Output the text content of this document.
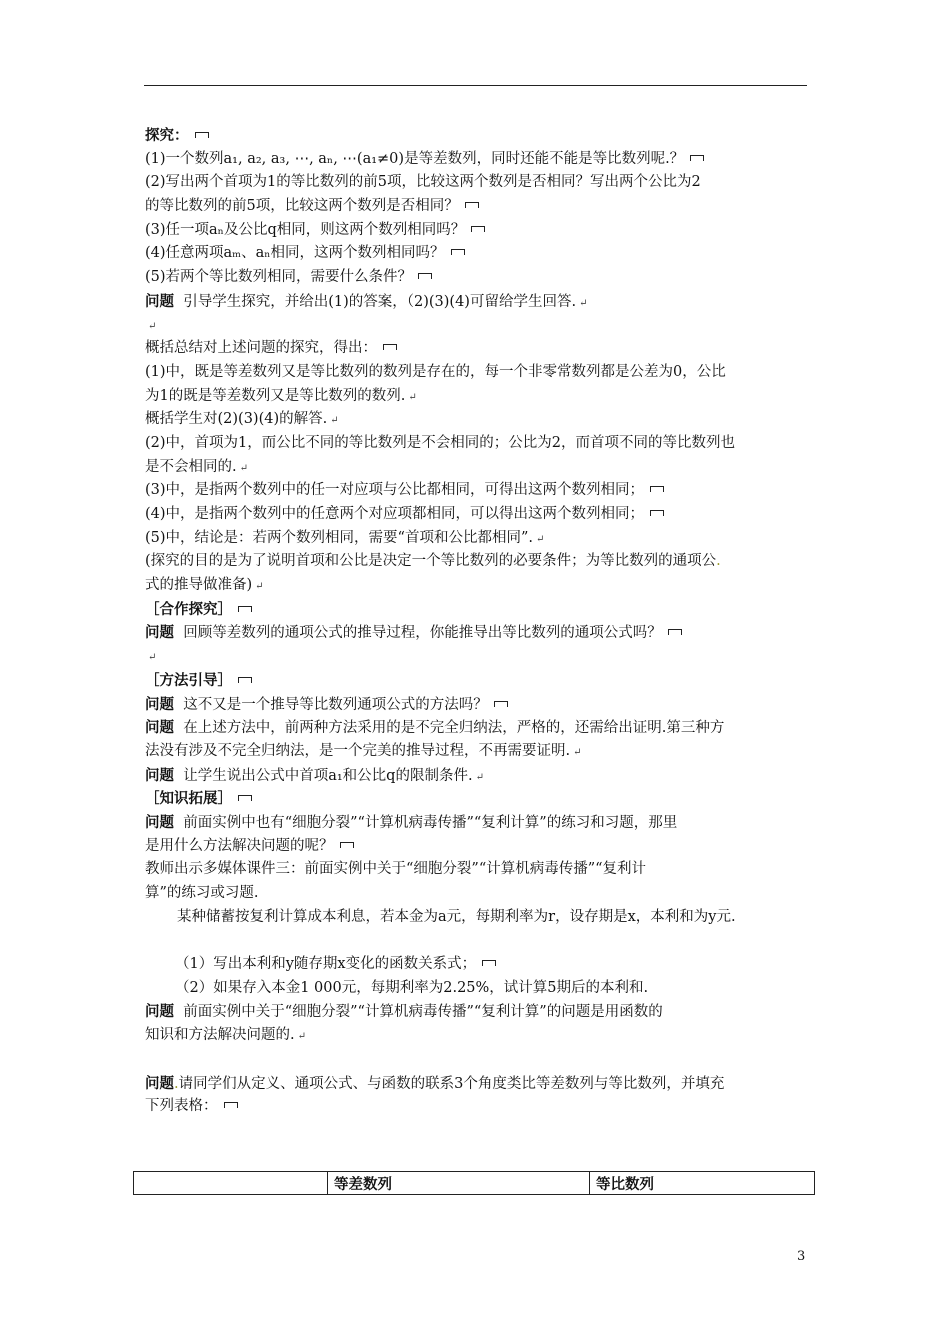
探究：
(1)一个数列a₁, a₂, a₃, ⋯, aₙ, ⋯(a₁≠0)是等差数列，同时还能不能是等比数列呢.？
(2)写出两个首项为1的等比数列的前5项，比较这两个数列是否相同？写出两个公比为2
的等比数列的前5项，比较这两个数列是否相同？
(3)任一项aₙ及公比q相同，则这两个数列相同吗？
(4)任意两项aₘ、aₙ相同，这两个数列相同吗？
(5)若两个等比数列相同，需要什么条件？
问题 引导学生探究，并给出(1)的答案，（2)(3)(4)可留给学生回答. ↵
↵
概括总结对上述问题的探究，得出：
(1)中，既是等差数列又是等比数列的数列是存在的，每一个非零常数列都是公差为0，公比
为1的既是等差数列又是等比数列的数列. ↵
概括学生对(2)(3)(4)的解答. ↵
(2)中，首项为1，而公比不同的等比数列是不会相同的；公比为2，而首项不同的等比数列也
是不会相同的. ↵
(3)中，是指两个数列中的任一对应项与公比都相同，可得出这两个数列相同；
(4)中，是指两个数列中的任意两个对应项都相同，可以得出这两个数列相同；
(5)中，结论是：若两个数列相同，需要“首项和公比都相同”. ↵
(探究的目的是为了说明首项和公比是决定一个等比数列的必要条件；为等比数列的通项公.
式的推导做准备) ↵
［合作探究］
问题 回顾等差数列的通项公式的推导过程，你能推导出等比数列的通项公式吗？
↵
［方法引导］
问题 这不又是一个推导等比数列通项公式的方法吗？
问题 在上述方法中，前两种方法采用的是不完全归纳法，严格的，还需给出证明.第三种方
法没有涉及不完全归纳法，是一个完美的推导过程，不再需要证明. ↵
问题 让学生说出公式中首项a₁和公比q的限制条件. ↵
［知识拓展］
问题 前面实例中也有“细胞分裂”“计算机病毒传播”“复利计算”的练习和习题，那里
是用什么方法解决问题的呢？
教师出示多媒体课件三：前面实例中关于“细胞分裂”“计算机病毒传播”“复利计
算”的练习或习题.
某种储蓄按复利计算成本利息，若本金为a元，每期利率为r，设存期是x，本利和为y元.
（1）写出本利和y随存期x变化的函数关系式；
（2）如果存入本金1 000元，每期利率为2.25%，试计算5期后的本利和.
问题 前面实例中关于“细胞分裂”“计算机病毒传播”“复利计算”的问题是用函数的
知识和方法解决问题的. ↵
问题.请同学们从定义、通项公式、与函数的联系3个角度类比等差数列与等比数列，并填充
下列表格：
	等差数列	等比数列
3
